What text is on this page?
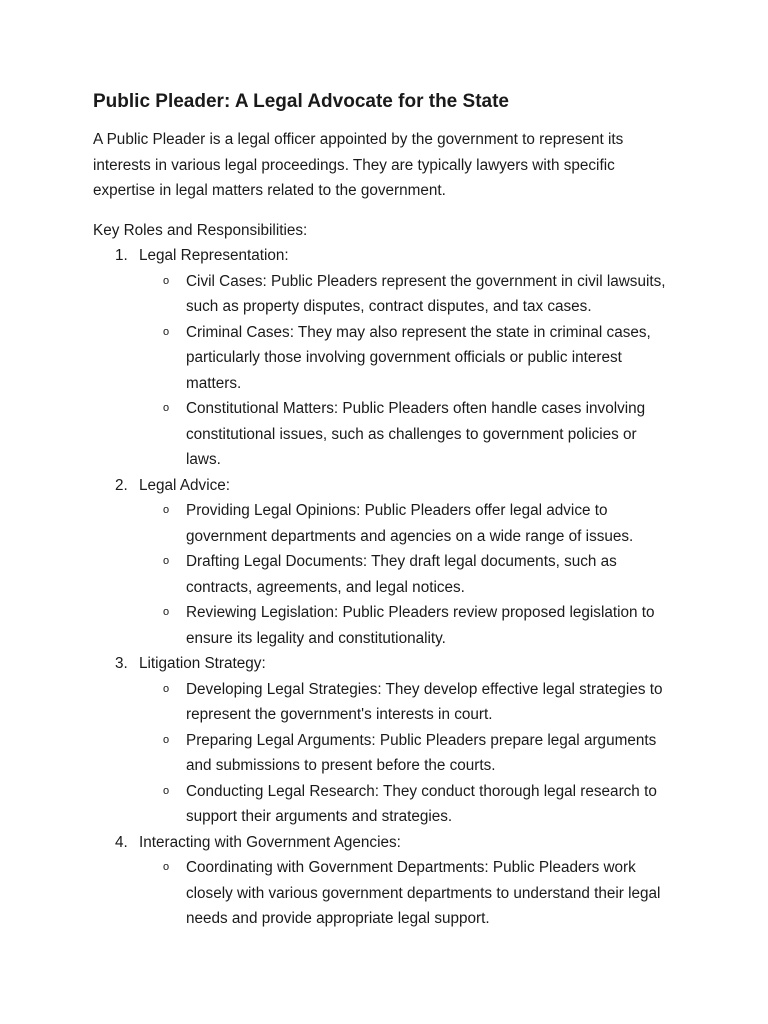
Public Pleader: A Legal Advocate for the State

A Public Pleader is a legal officer appointed by the government to represent its interests in various legal proceedings. They are typically lawyers with specific expertise in legal matters related to the government.

Key Roles and Responsibilities:

1. Legal Representation:
o Civil Cases: Public Pleaders represent the government in civil lawsuits, such as property disputes, contract disputes, and tax cases.
o Criminal Cases: They may also represent the state in criminal cases, particularly those involving government officials or public interest matters.
o Constitutional Matters: Public Pleaders often handle cases involving constitutional issues, such as challenges to government policies or laws.
2. Legal Advice:
o Providing Legal Opinions: Public Pleaders offer legal advice to government departments and agencies on a wide range of issues.
o Drafting Legal Documents: They draft legal documents, such as contracts, agreements, and legal notices.
o Reviewing Legislation: Public Pleaders review proposed legislation to ensure its legality and constitutionality.
3. Litigation Strategy:
o Developing Legal Strategies: They develop effective legal strategies to represent the government's interests in court.
o Preparing Legal Arguments: Public Pleaders prepare legal arguments and submissions to present before the courts.
o Conducting Legal Research: They conduct thorough legal research to support their arguments and strategies.
4. Interacting with Government Agencies:
o Coordinating with Government Departments: Public Pleaders work closely with various government departments to understand their legal needs and provide appropriate legal support.
